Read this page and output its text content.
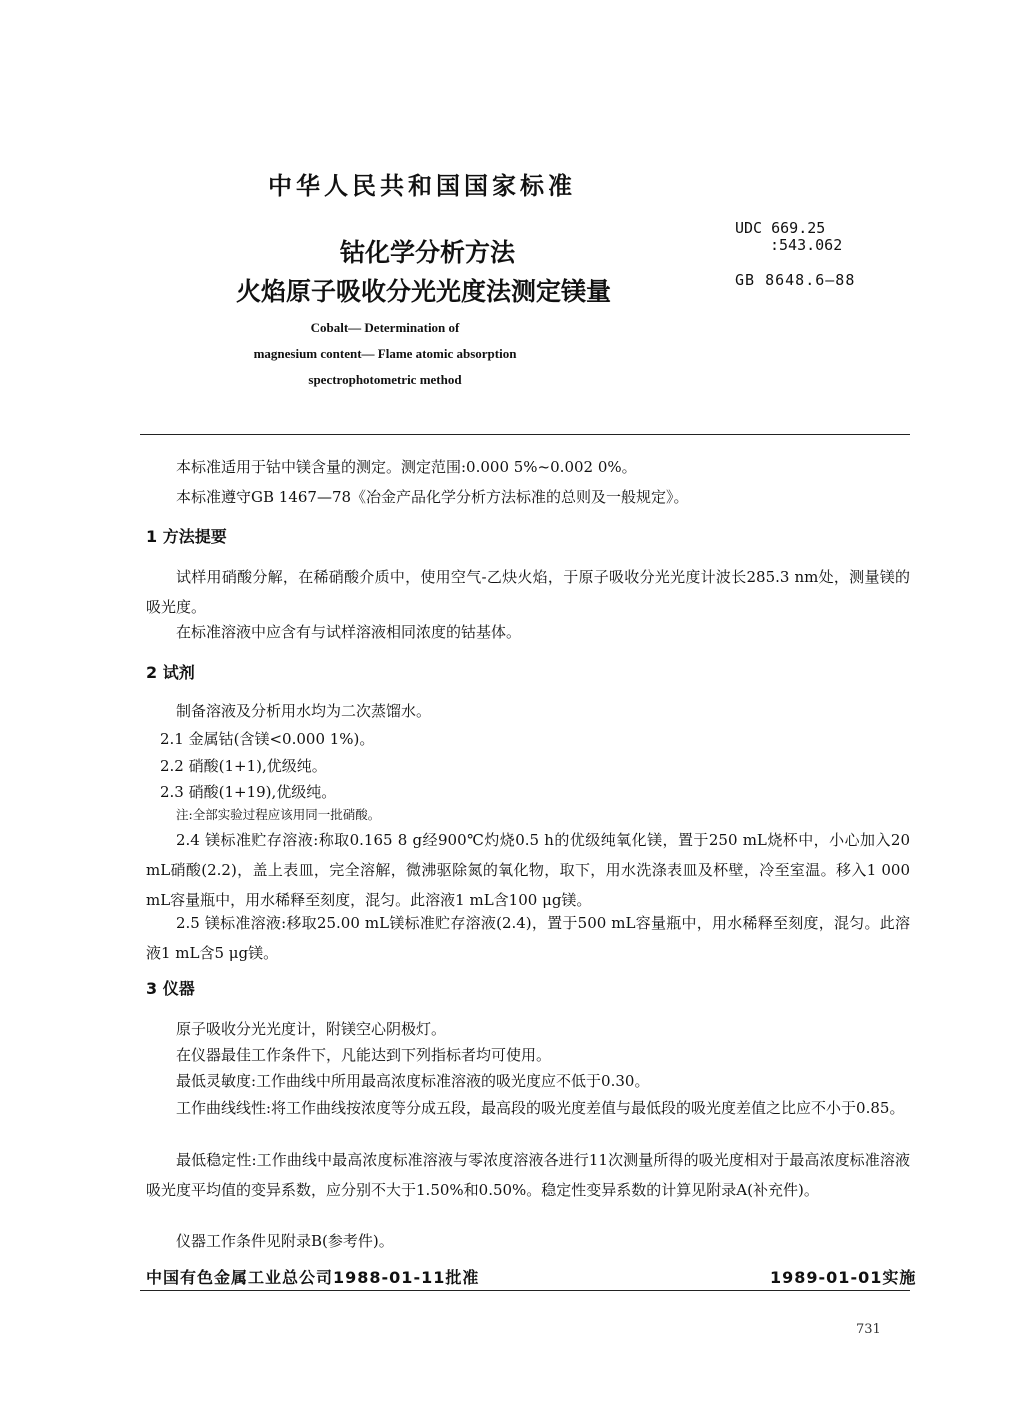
中华人民共和国国家标准
钴化学分析方法
火焰原子吸收分光光度法测定镁量
UDC 669.25
:543.062
GB 8648.6—88
Cobalt— Determination of
magnesium content— Flame atomic absorption
spectrophotometric method
本标准适用于钴中镁含量的测定。测定范围:0.000 5%~0.002 0%。
本标准遵守GB 1467—78《冶金产品化学分析方法标准的总则及一般规定》。
1 方法提要
试样用硝酸分解，在稀硝酸介质中，使用空气-乙炔火焰，于原子吸收分光光度计波长285.3 nm处，测量镁的吸光度。
在标准溶液中应含有与试样溶液相同浓度的钴基体。
2 试剂
制备溶液及分析用水均为二次蒸馏水。
2.1 金属钴(含镁<0.000 1%)。
2.2 硝酸(1+1),优级纯。
2.3 硝酸(1+19),优级纯。
注:全部实验过程应该用同一批硝酸。
2.4 镁标准贮存溶液:称取0.165 8 g经900℃灼烧0.5 h的优级纯氧化镁，置于250 mL烧杯中，小心加入20 mL硝酸(2.2)，盖上表皿，完全溶解，微沸驱除氮的氧化物，取下，用水洗涤表皿及杯壁，冷至室温。移入1 000 mL容量瓶中，用水稀释至刻度，混匀。此溶液1 mL含100 μg镁。
2.5 镁标准溶液:移取25.00 mL镁标准贮存溶液(2.4)，置于500 mL容量瓶中，用水稀释至刻度，混匀。此溶液1 mL含5 μg镁。
3 仪器
原子吸收分光光度计，附镁空心阴极灯。
在仪器最佳工作条件下，凡能达到下列指标者均可使用。
最低灵敏度:工作曲线中所用最高浓度标准溶液的吸光度应不低于0.30。
工作曲线线性:将工作曲线按浓度等分成五段，最高段的吸光度差值与最低段的吸光度差值之比应不小于0.85。
最低稳定性:工作曲线中最高浓度标准溶液与零浓度溶液各进行11次测量所得的吸光度相对于最高浓度标准溶液吸光度平均值的变异系数，应分别不大于1.50%和0.50%。稳定性变异系数的计算见附录A(补充件)。
仪器工作条件见附录B(参考件)。
中国有色金属工业总公司1988-01-11批准	1989-01-01实施
731
